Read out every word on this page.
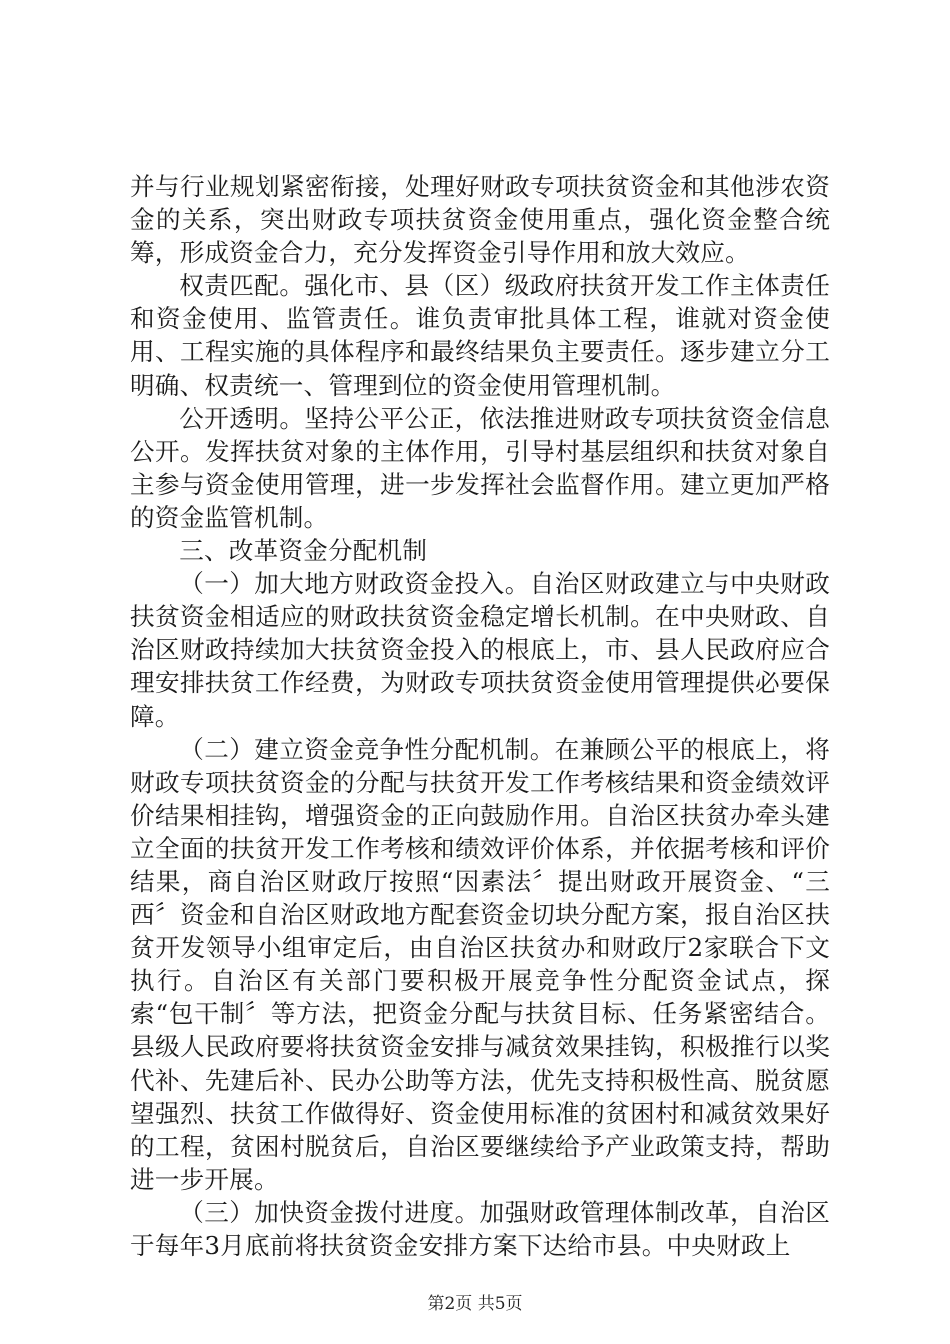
并与行业规划紧密衔接，处理好财政专项扶贫资金和其他涉农资金的关系，突出财政专项扶贫资金使用重点，强化资金整合统筹，形成资金合力，充分发挥资金引导作用和放大效应。

权责匹配。强化市、县（区）级政府扶贫开发工作主体责任和资金使用、监管责任。谁负责审批具体工程，谁就对资金使用、工程实施的具体程序和最终结果负主要责任。逐步建立分工明确、权责统一、管理到位的资金使用管理机制。

公开透明。坚持公平公正，依法推进财政专项扶贫资金信息公开。发挥扶贫对象的主体作用，引导村基层组织和扶贫对象自主参与资金使用管理，进一步发挥社会监督作用。建立更加严格的资金监管机制。

三、改革资金分配机制

（一）加大地方财政资金投入。自治区财政建立与中央财政扶贫资金相适应的财政扶贫资金稳定增长机制。在中央财政、自治区财政持续加大扶贫资金投入的根底上，市、县人民政府应合理安排扶贫工作经费，为财政专项扶贫资金使用管理提供必要保障。

（二）建立资金竞争性分配机制。在兼顾公平的根底上，将财政专项扶贫资金的分配与扶贫开发工作考核结果和资金绩效评价结果相挂钩，增强资金的正向鼓励作用。自治区扶贫办牵头建立全面的扶贫开发工作考核和绩效评价体系，并依据考核和评价结果，商自治区财政厅按照“因素法〞提出财政开展资金、“三西〞资金和自治区财政地方配套资金切块分配方案，报自治区扶贫开发领导小组审定后，由自治区扶贫办和财政厅2家联合下文执行。自治区有关部门要积极开展竞争性分配资金试点，探索“包干制〞等方法，把资金分配与扶贫目标、任务紧密结合。县级人民政府要将扶贫资金安排与减贫效果挂钩，积极推行以奖代补、先建后补、民办公助等方法，优先支持积极性高、脱贫愿望强烈、扶贫工作做得好、资金使用标准的贫困村和减贫效果好的工程，贫困村脱贫后，自治区要继续给予产业政策支持，帮助进一步开展。

（三）加快资金拨付进度。加强财政管理体制改革，自治区于每年3月底前将扶贫资金安排方案下达给市县。中央财政上

第2页 共5页
